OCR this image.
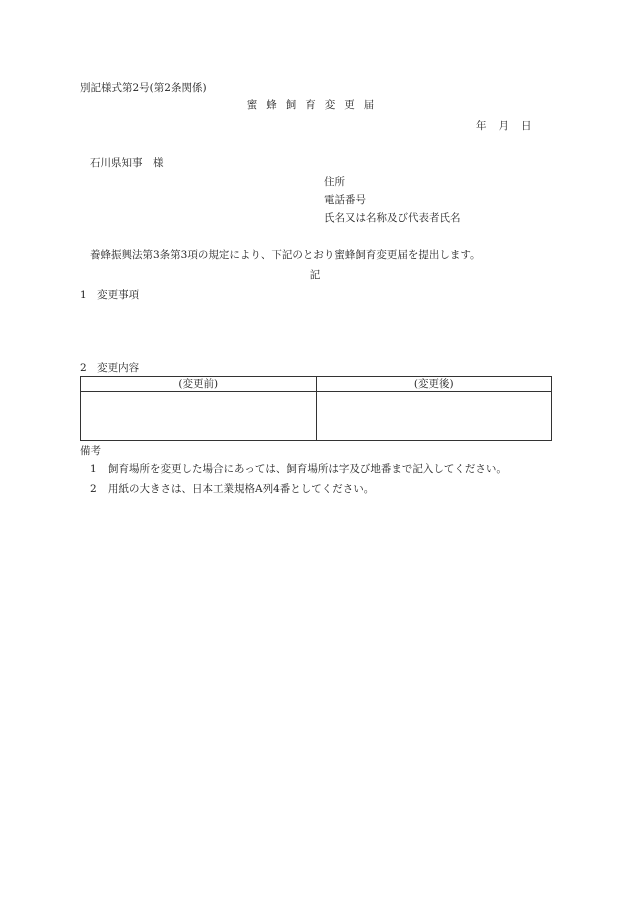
別記様式第2号(第2条関係)
蜜蜂飼育変更届
年 月 日
石川県知事　様
住所
電話番号
氏名又は名称及び代表者氏名
養蜂振興法第3条第3項の規定により、下記のとおり蜜蜂飼育変更届を提出します。
記
1　変更事項
2　変更内容
(変更前)	(変更後)

備考
1 飼育場所を変更した場合にあっては、飼育場所は字及び地番まで記入してください。
2 用紙の大きさは、日本工業規格A列4番としてください。
